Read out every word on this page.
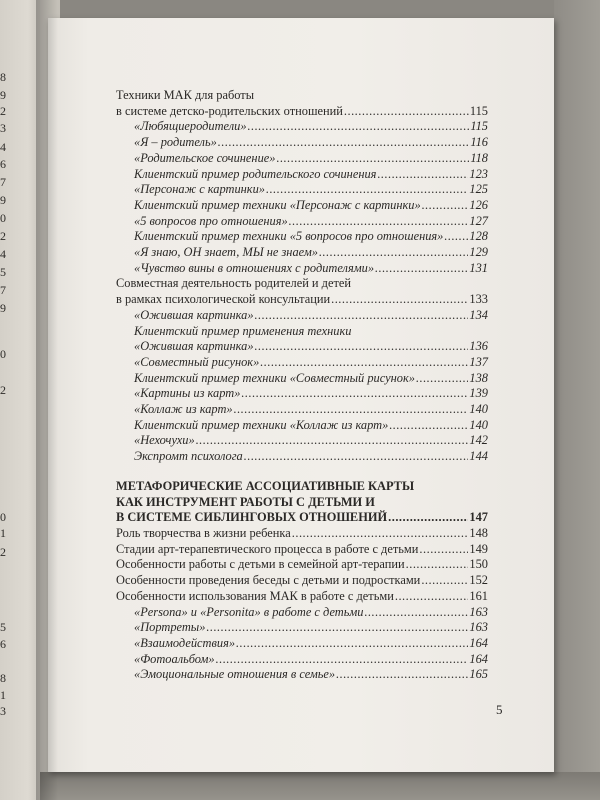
8
9
2
3
4
6
7
9
0
2
4
5
7
9
0
2
0
1
2
5
6
8
1
3
Техники МАК для работы
в системе детско-родительских отношений .....	115
«Любящиеродители» .....	115
«Я – родитель» .....	116
«Родительское сочинение» .....	118
Клиентский пример родительского сочинения .....	123
«Персонаж с картинки» .....	125
Клиентский пример техники «Персонаж с картинки» .....	126
«5 вопросов про отношения» .....	127
Клиентский пример техники «5 вопросов про отношения» ..... 128
«Я знаю, ОН знает, МЫ не знаем» .....	129
«Чувство вины в отношениях с родителями» .....	131
Совместная деятельность родителей и детей
в рамках психологической консультации .....	133
«Ожившая картинка» .....	134
Клиентский пример применения техники
«Ожившая картинка» .....	136
«Совместный рисунок» .....	137
Клиентский пример техники «Совместный рисунок» .....	138
«Картины из карт» .....	139
«Коллаж из карт» .....	140
Клиентский пример техники «Коллаж из карт» .....	140
«Нехочухи» .....	142
Экспромт психолога .....	144
МЕТАФОРИЧЕСКИЕ АССОЦИАТИВНЫЕ КАРТЫ
КАК ИНСТРУМЕНТ РАБОТЫ С ДЕТЬМИ И
В СИСТЕМЕ СИБЛИНГОВЫХ ОТНОШЕНИЙ .....	147
Роль творчества в жизни ребенка .....	148
Стадии арт-терапевтического процесса в работе с детьми .....	149
Особенности работы с детьми в семейной арт-терапии .....	150
Особенности проведения беседы с детьми и подростками .....	152
Особенности использования МАК в работе с детьми .....	161
«Persona» и «Personita» в работе с детьми .....	163
«Портреты» .....	163
«Взаимодействия» .....	164
«Фотоальбом» .....	164
«Эмоциональные отношения в семье» .....	165
5
